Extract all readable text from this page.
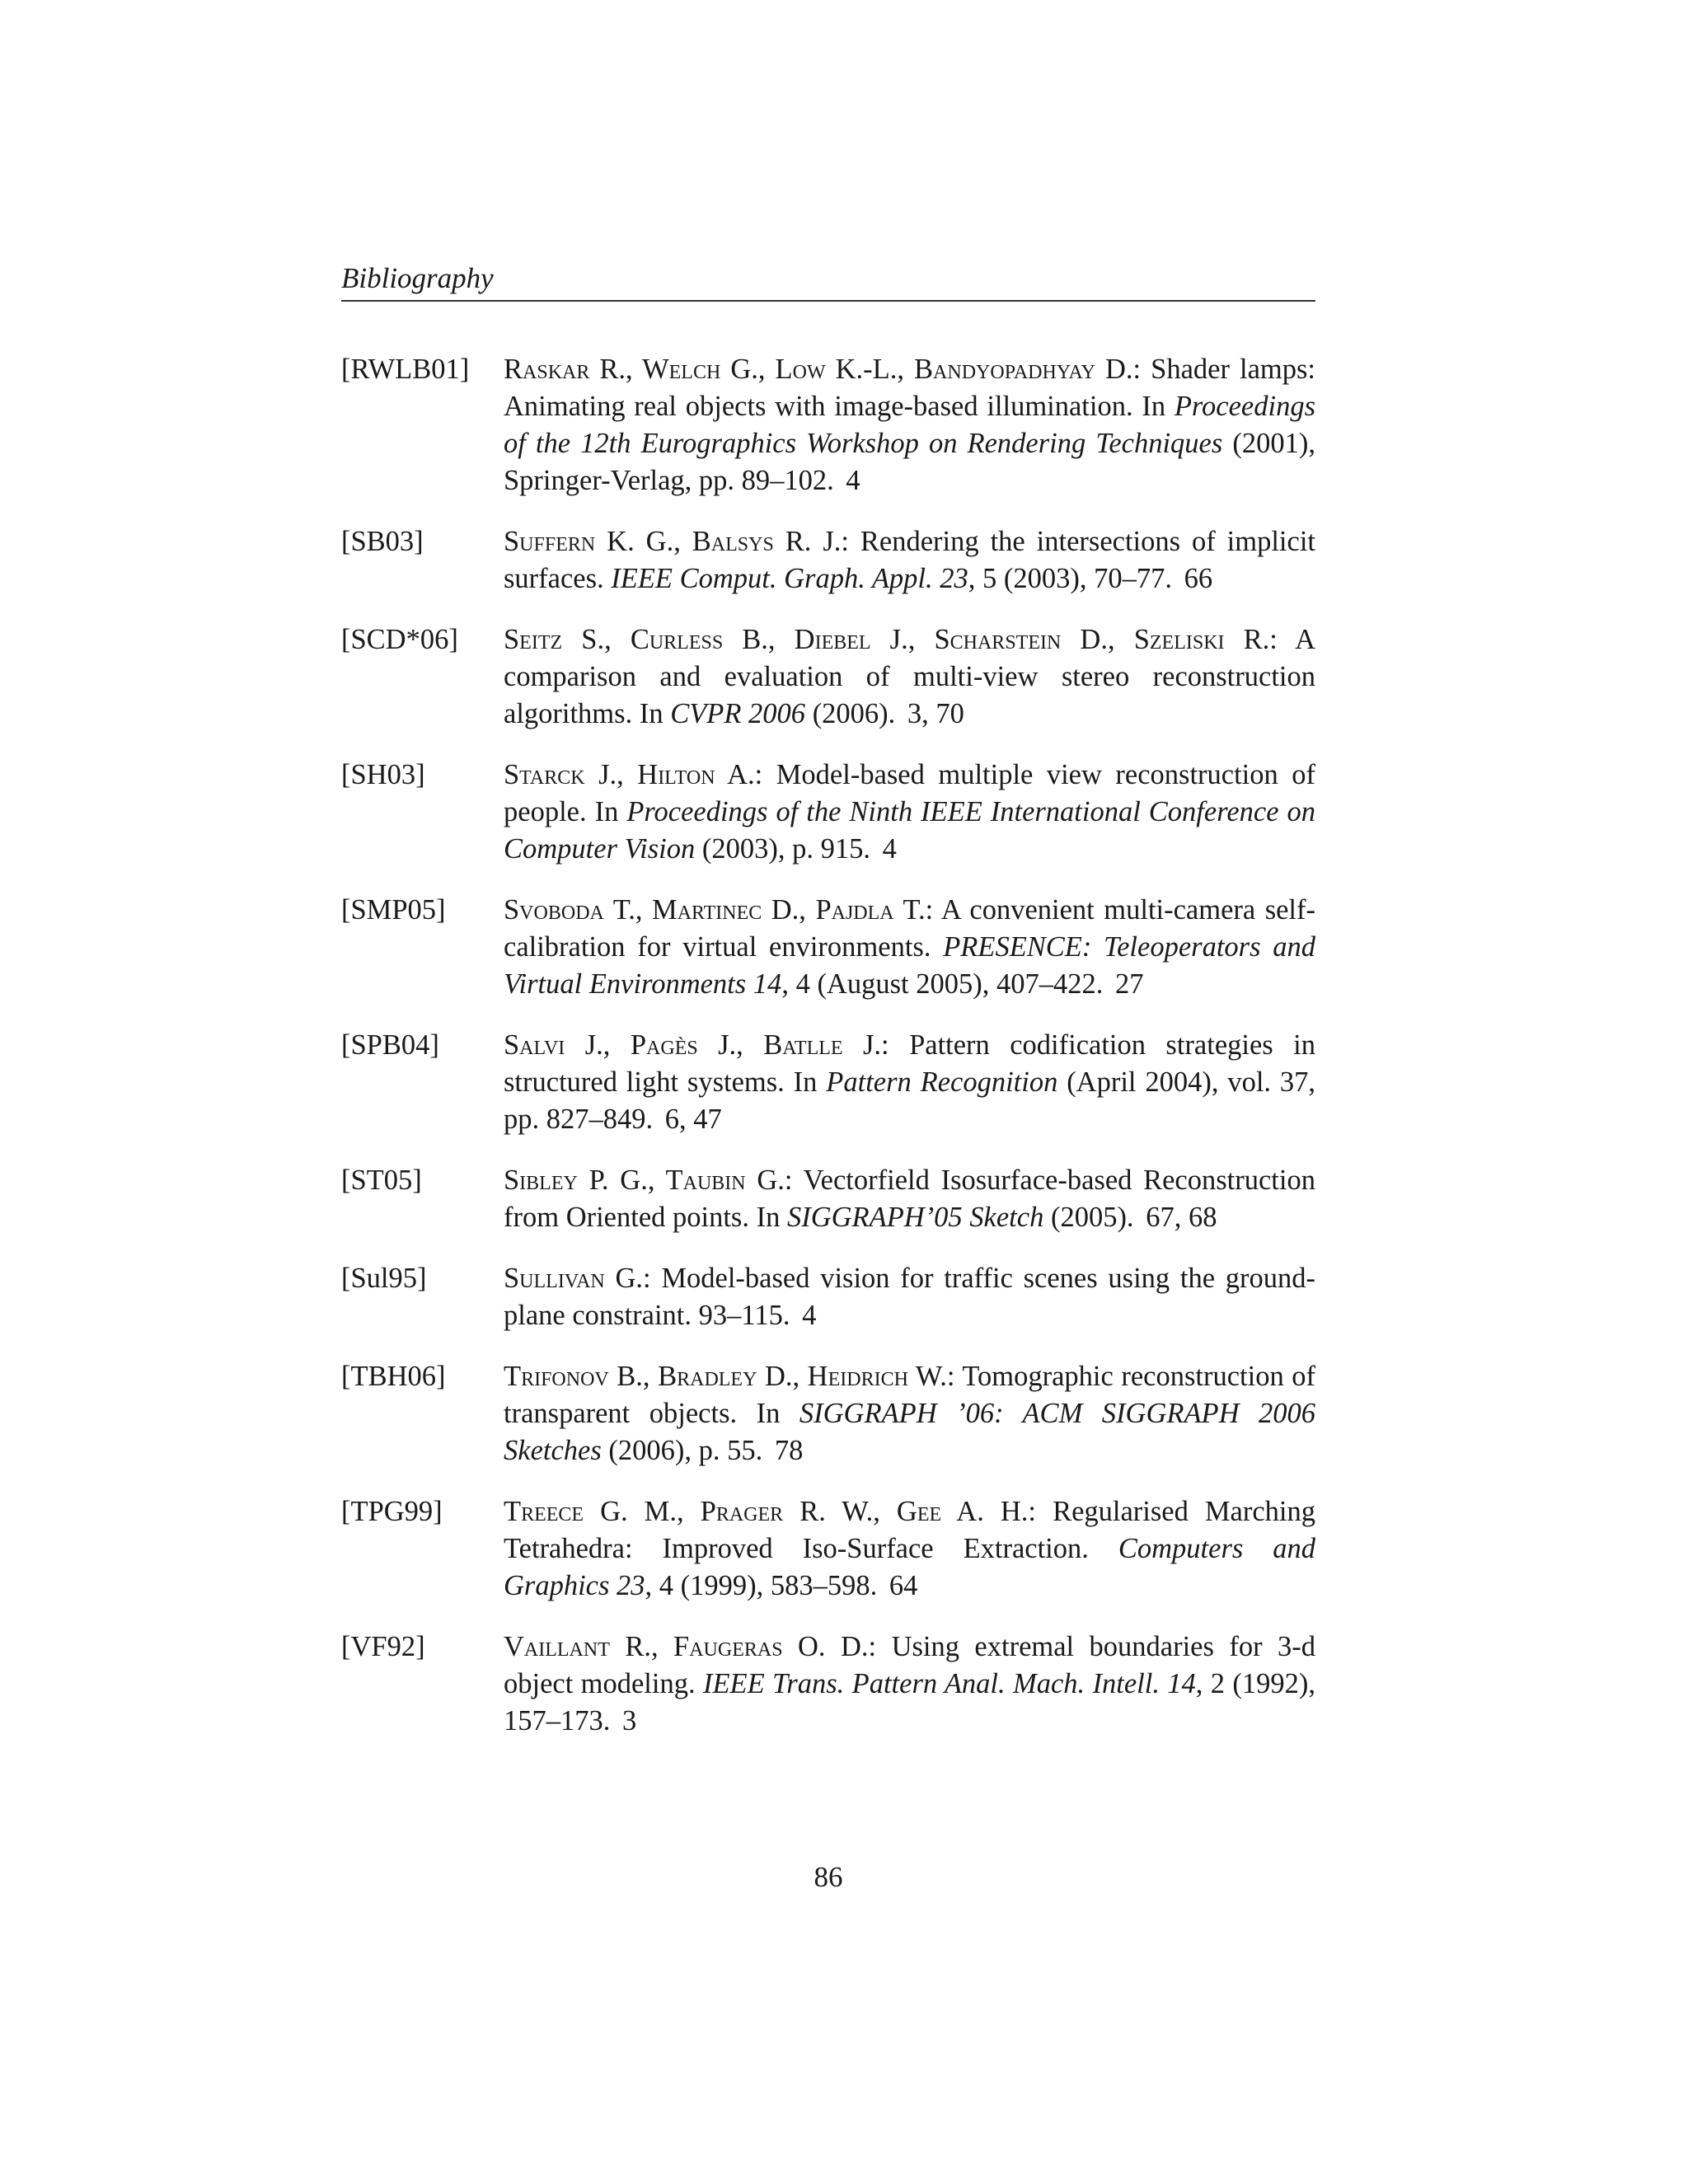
Bibliography
[RWLB01]	Raskar R., Welch G., Low K.-L., Bandyopadhyay D.: Shader lamps: Animating real objects with image-based illumination. In Proceedings of the 12th Eurographics Workshop on Rendering Techniques (2001), Springer-Verlag, pp. 89–102. 4
[SB03]	Suffern K. G., Balsys R. J.: Rendering the intersections of implicit surfaces. IEEE Comput. Graph. Appl. 23, 5 (2003), 70–77. 66
[SCD*06]	Seitz S., Curless B., Diebel J., Scharstein D., Szeliski R.: A comparison and evaluation of multi-view stereo reconstruction algorithms. In CVPR 2006 (2006). 3, 70
[SH03]	Starck J., Hilton A.: Model-based multiple view reconstruction of people. In Proceedings of the Ninth IEEE International Conference on Computer Vision (2003), p. 915. 4
[SMP05]	Svoboda T., Martinec D., Pajdla T.: A convenient multi-camera self-calibration for virtual environments. PRESENCE: Teleoperators and Virtual Environments 14, 4 (August 2005), 407–422. 27
[SPB04]	Salvi J., Pagès J., Batlle J.: Pattern codification strategies in structured light systems. In Pattern Recognition (April 2004), vol. 37, pp. 827–849. 6, 47
[ST05]	Sibley P. G., Taubin G.: Vectorfield Isosurface-based Reconstruction from Oriented points. In SIGGRAPH’05 Sketch (2005). 67, 68
[Sul95]	Sullivan G.: Model-based vision for traffic scenes using the ground-plane constraint. 93–115. 4
[TBH06]	Trifonov B., Bradley D., Heidrich W.: Tomographic reconstruction of transparent objects. In SIGGRAPH ’06: ACM SIGGRAPH 2006 Sketches (2006), p. 55. 78
[TPG99]	Treece G. M., Prager R. W., Gee A. H.: Regularised Marching Tetrahedra: Improved Iso-Surface Extraction. Computers and Graphics 23, 4 (1999), 583–598. 64
[VF92]	Vaillant R., Faugeras O. D.: Using extremal boundaries for 3-d object modeling. IEEE Trans. Pattern Anal. Mach. Intell. 14, 2 (1992), 157–173. 3
86
